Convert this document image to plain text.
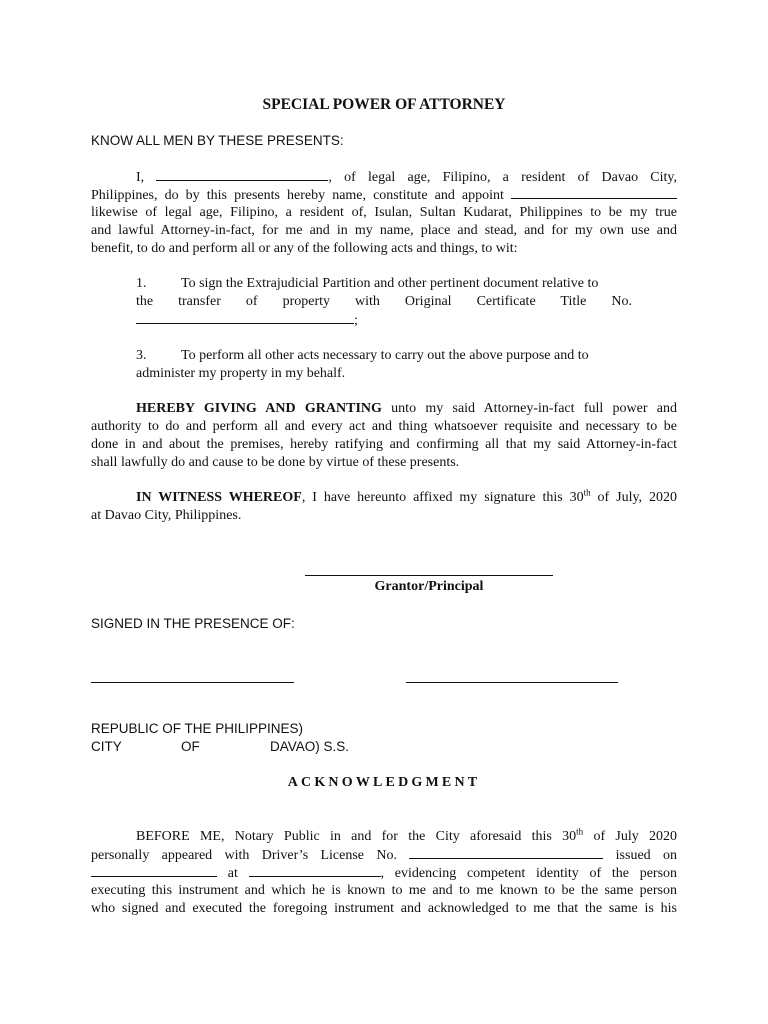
SPECIAL POWER OF ATTORNEY
KNOW ALL MEN BY THESE PRESENTS:
I,	, of legal age, Filipino, a resident of Davao City,
Philippines, do by this presents hereby name, constitute and appoint
likewise of legal age, Filipino, a resident of, Isulan, Sultan Kudarat, Philippines to be my true
and lawful Attorney-in-fact, for me and in my name, place and stead, and for my own use and
benefit, to do and perform all or any of the following acts and things, to wit:
1. To sign the Extrajudicial Partition and other pertinent document relative to
the transfer of property with Original Certificate Title No.
;
3. To perform all other acts necessary to carry out the above purpose and to
administer my property in my behalf.
HEREBY GIVING AND GRANTING unto my said Attorney-in-fact full power and
authority to do and perform all and every act and thing whatsoever requisite and necessary to be
done in and about the premises, hereby ratifying and confirming all that my said Attorney-in-fact
shall lawfully do and cause to be done by virtue of these presents.
IN WITNESS WHEREOF, I have hereunto affixed my signature this 30th of July, 2020
at Davao City, Philippines.
Grantor/Principal
SIGNED IN THE PRESENCE OF:
REPUBLIC OF THE PHILIPPINES)
CITY	OF	DAVAO) S.S.
ACKNOWLEDGMENT
BEFORE ME, Notary Public in and for the City aforesaid this 30th of July 2020
personally appeared with Driver’s License No.	issued on
at	, evidencing competent identity of the person
executing this instrument and which he is known to me and to me known to be the same person
who signed and executed the foregoing instrument and acknowledged to me that the same is his
